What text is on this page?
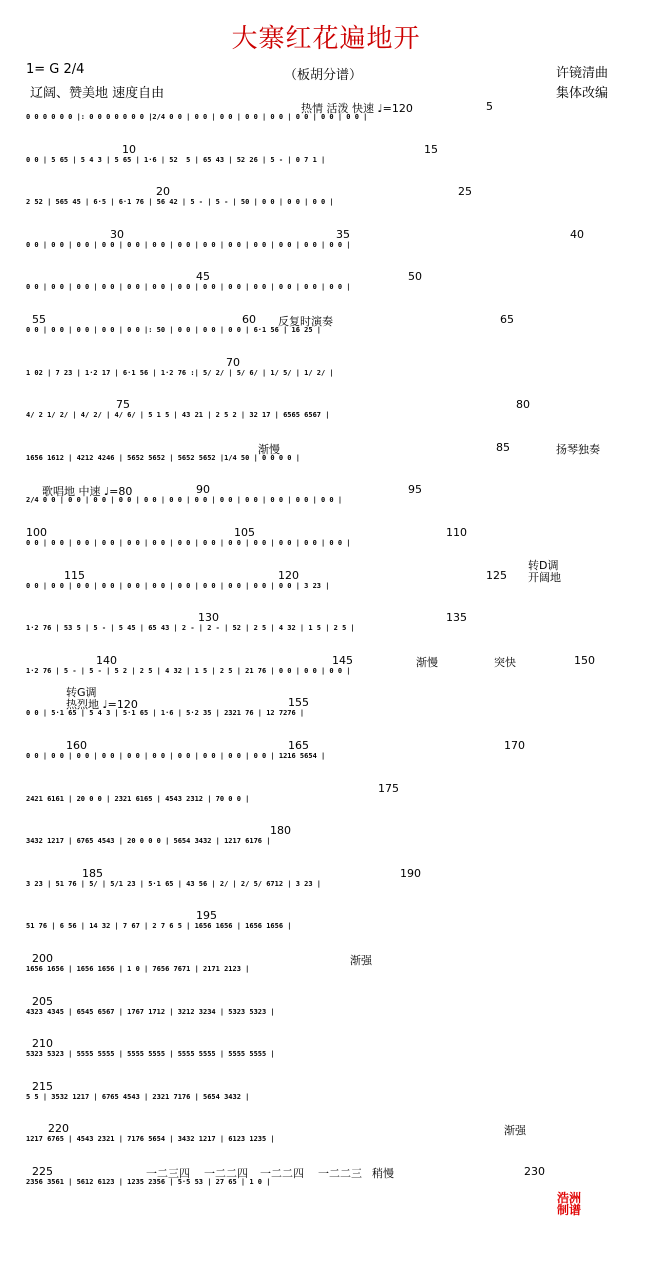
大寨红花遍地开
1= G 2/4	（板胡分谱）	许镜清曲
辽阔、赞美地 速度自由	集体改编
热情 活泼 快速 ♩=120	5
0 0 0 0 0 0 |: 0 0 0 0 0 0 0 |2/4 0 0 | 0 0 | 0 0 | 0 0 | 0 0 | 0 0 | 0 0 | 0 0 |
10	15
0 0 | 5 65 | 5 4 3 | 5 65 | 1·6 | 52  5 | 65 43 | 52 26 | 5 - | 0 7 1 |
20	25
2 52 | 565 45 | 6·5 | 6·1 76 | 56 42 | 5 - | 5 - | 50 | 0 0 | 0 0 | 0 0 |
30	35	40
0 0 | 0 0 | 0 0 | 0 0 | 0 0 | 0 0 | 0 0 | 0 0 | 0 0 | 0 0 | 0 0 | 0 0 | 0 0 |
45	50
0 0 | 0 0 | 0 0 | 0 0 | 0 0 | 0 0 | 0 0 | 0 0 | 0 0 | 0 0 | 0 0 | 0 0 | 0 0 |
55	60 反复时演奏	65
0 0 | 0 0 | 0 0 | 0 0 | 0 0 |: 50 | 0 0 | 0 0 | 0 0 | 6·1 56 | 16 25 |
70
1 02 | 7 23 | 1·2 17 | 6·1 56 | 1·2 76 :| 5/ 2/ | 5/ 6/ | 1/ 5/ | 1/ 2/ |
75	80
4/ 2 1/ 2/ | 4/ 2/ | 4/ 6/ | 5 1 5 | 43 21 | 2 5 2 | 32 17 | 6565 6567 |
渐慢	85	扬琴独奏
1656 1612 | 4212 4246 | 5652 5652 | 5652 5652 |1/4 50 | 0 0 0 0 |
歌唱地 中速 ♩=80	90	95
2/4 0 0 | 0 0 | 0 0 | 0 0 | 0 0 | 0 0 | 0 0 | 0 0 | 0 0 | 0 0 | 0 0 | 0 0 |
100	105	110
0 0 | 0 0 | 0 0 | 0 0 | 0 0 | 0 0 | 0 0 | 0 0 | 0 0 | 0 0 | 0 0 | 0 0 | 0 0 |
115	120	125
转D调
开阔地
0 0 | 0 0 | 0 0 | 0 0 | 0 0 | 0 0 | 0 0 | 0 0 | 0 0 | 0 0 | 0 0 | 3 23 |
130	135
1·2 76 | 53 5 | 5 - | 5 45 | 65 43 | 2 - | 2 - | 52 | 2 5 | 4 32 | 1 5 | 2 5 |
140	145	渐慢	突快	150
1·2 76 | 5 - | 5 - | 5 2 | 2 5 | 4 32 | 1 5 | 2 5 | 21 76 | 0 0 | 0 0 | 0 0 |
转G调
热烈地 ♩=120	155
0 0 | 5·1 65 | 5 4 3 | 5·1 65 | 1·6 | 5·2 35 | 2321 76 | 12 7276 |
160	165	170
0 0 | 0 0 | 0 0 | 0 0 | 0 0 | 0 0 | 0 0 | 0 0 | 0 0 | 0 0 | 1216 5654 |
175
2421 6161 | 20 0 0 | 2321 6165 | 4543 2312 | 70 0 0 |
180
3432 1217 | 6765 4543 | 20 0 0 0 | 5654 3432 | 1217 6176 |
185	190
3 23 | 51 76 | 5/ | 5/1 23 | 5·1 65 | 43 56 | 2/ | 2/ 5/ 6712 | 3 23 |
195
51 76 | 6 56 | 14 32 | 7 67 | 2 7 6 5 | 1656 1656 | 1656 1656 |
200	渐强
1656 1656 | 1656 1656 | 1 0 | 7656 7671 | 2171 2123 |
205
4323 4345 | 6545 6567 | 1767 1712 | 3212 3234 | 5323 5323 |
210
5323 5323 | 5555 5555 | 5555 5555 | 5555 5555 | 5555 5555 |
215
5 5 | 3532 1217 | 6765 4543 | 2321 7176 | 5654 3432 |
220	渐强
1217 6765 | 4543 2321 | 7176 5654 | 3432 1217 | 6123 1235 |
225	一二三四 一二二四 一二二四 一二二三 稍慢	230
2356 3561 | 5612 6123 | 1235 2356 | 5·5 53 | 27 65 | 1 0 |
浩洲制谱
